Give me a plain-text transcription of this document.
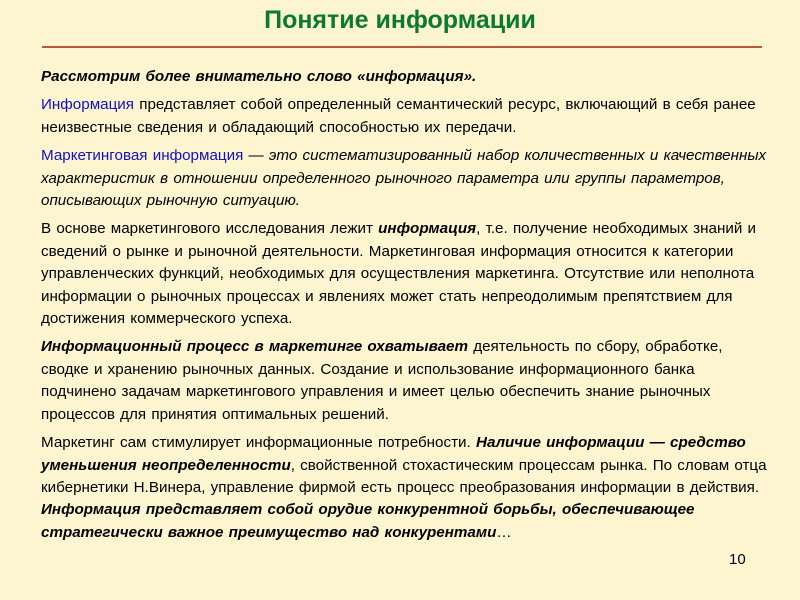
Понятие информации

Рассмотрим более внимательно слово «информация».

Информация представляет собой определенный семантический ресурс, включающий в себя ранее неизвестные сведения и обладающий способностью их передачи.

Маркетинговая информация — это систематизированный набор количественных и качественных характеристик в отношении определенного рыночного параметра или группы параметров, описывающих рыночную ситуацию.

В основе маркетингового исследования лежит информация, т.е. получение необходимых знаний и сведений о рынке и рыночной деятельности. Маркетинговая информация относится к категории управленческих функций, необходимых для осуществления маркетинга. Отсутствие или неполнота информации о рыночных процессах и явлениях может стать непреодолимым препятствием для достижения коммерческого успеха.

Информационный процесс в маркетинге охватывает деятельность по сбору, обработке, сводке и хранению рыночных данных. Создание и использование информационного банка подчинено задачам маркетингового управления и имеет целью обеспечить знание рыночных процессов для принятия оптимальных решений.

Маркетинг сам стимулирует информационные потребности. Наличие информации — средство уменьшения неопределенности, свойственной стохастическим процессам рынка. По словам отца кибернетики Н.Винера, управление фирмой есть процесс преобразования информации в действия. Информация представляет собой орудие конкурентной борьбы, обеспечивающее стратегически важное преимущество над конкурентами…

10
